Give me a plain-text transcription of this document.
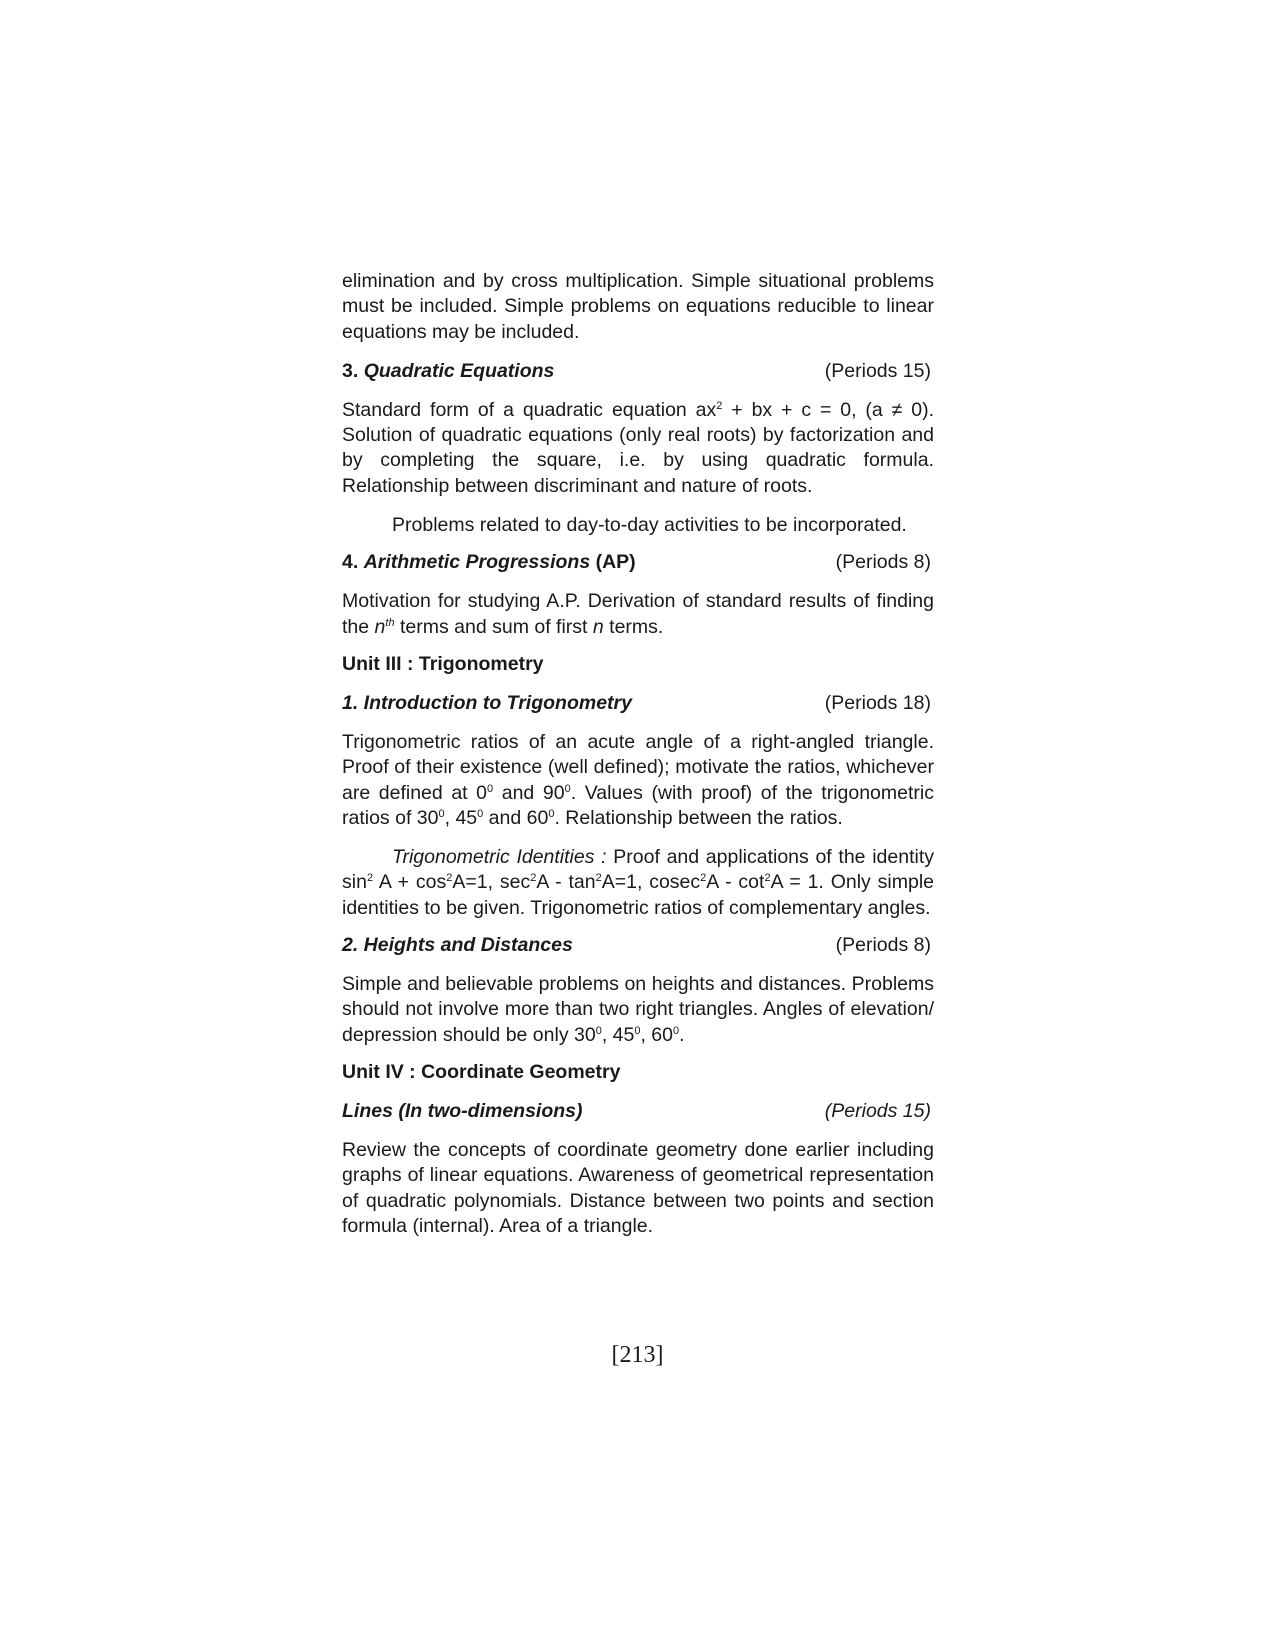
elimination and by cross multiplication. Simple situational problems must be included. Simple problems on equations reducible to linear equations may be included.

3. Quadratic Equations	(Periods 15)

Standard form of a quadratic equation $ax^2$ + bx + c = 0, (a ≠ 0). Solution of quadratic equations (only real roots) by factorization and by completing the square, i.e. by using quadratic formula. Relationship between discriminant and nature of roots.

Problems related to day-to-day activities to be incorporated.

4. Arithmetic Progressions (AP)	(Periods 8)

Motivation for studying A.P. Derivation of standard results of finding the $n^{th}$ terms and sum of first n terms.

Unit III : Trigonometry
1. Introduction to Trigonometry	(Periods 18)

Trigonometric ratios of an acute angle of a right-angled triangle. Proof of their existence (well defined); motivate the ratios, whichever are defined at $0^0$ and $90^0$. Values (with proof) of the trigonometric ratios of $30^0$, $45^0$ and $60^0$. Relationship between the ratios.

Trigonometric Identities : Proof and applications of the identity $\sin^2 A + \cos^2A=1$, $\sec^2A - \tan^2A=1$, $cosec^2A - \cot^2A = 1$. Only simple identities to be given. Trigonometric ratios of complementary angles.

2. Heights and Distances	(Periods 8)

Simple and believable problems on heights and distances. Problems should not involve more than two right triangles. Angles of elevation/ depression should be only $30^0$, $45^0$, $60^0$.

Unit IV : Coordinate Geometry
Lines (In two-dimensions)	(Periods 15)

Review the concepts of coordinate geometry done earlier including graphs of linear equations. Awareness of geometrical representation of quadratic polynomials. Distance between two points and section formula (internal). Area of a triangle.

[213]
